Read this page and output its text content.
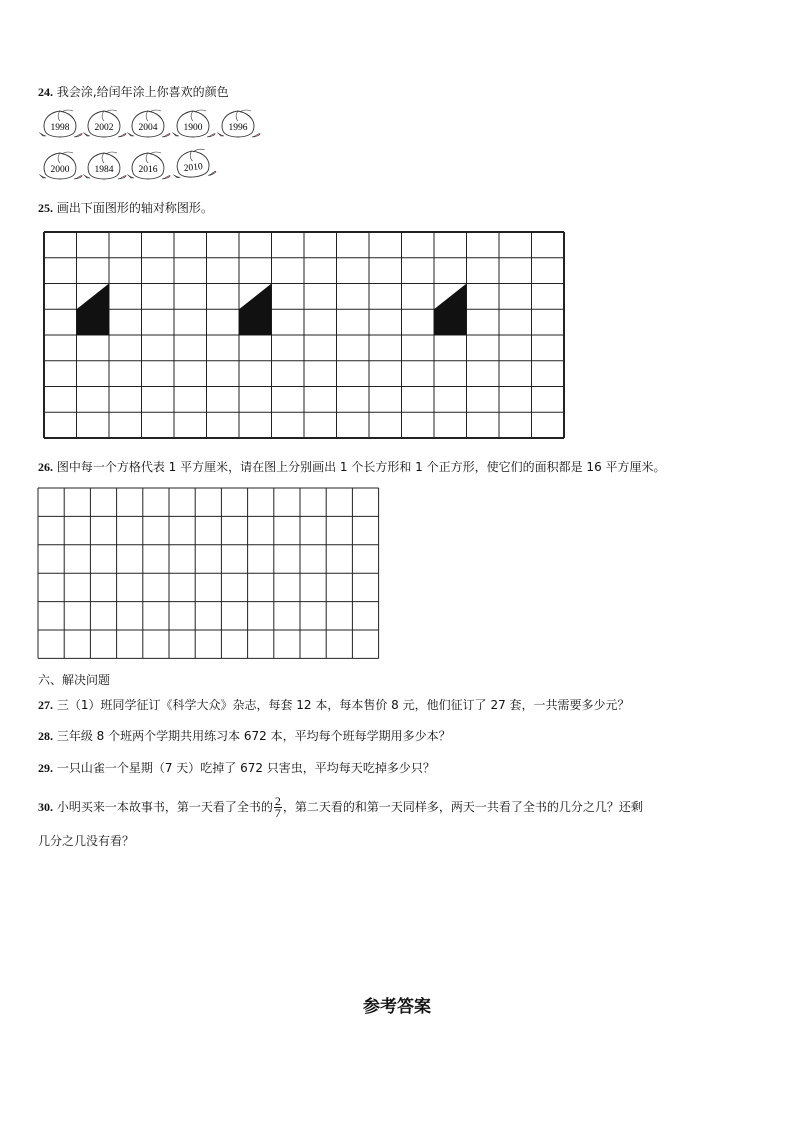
24. 我会涂,给闰年涂上你喜欢的颜色
1998	2002	2004	1900	1996
2000	1984	2016	2010
25. 画出下面图形的轴对称图形。
26. 图中每一个方格代表 1 平方厘米，请在图上分别画出 1 个长方形和 1 个正方形，使它们的面积都是 16 平方厘米。
六、解决问题
27. 三（1）班同学征订《科学大众》杂志，每套 12 本，每本售价 8 元，他们征订了 27 套，一共需要多少元？
28. 三年级 8 个班两个学期共用练习本 672 本，平均每个班每学期用多少本？
29. 一只山雀一个星期（7 天）吃掉了 672 只害虫，平均每天吃掉多少只？
30. 小明买来一本故事书，第一天看了全书的 $\frac{2}{7}$ ，第二天看的和第一天同样多，两天一共看了全书的几分之几？还剩
几分之几没有看？
参考答案
